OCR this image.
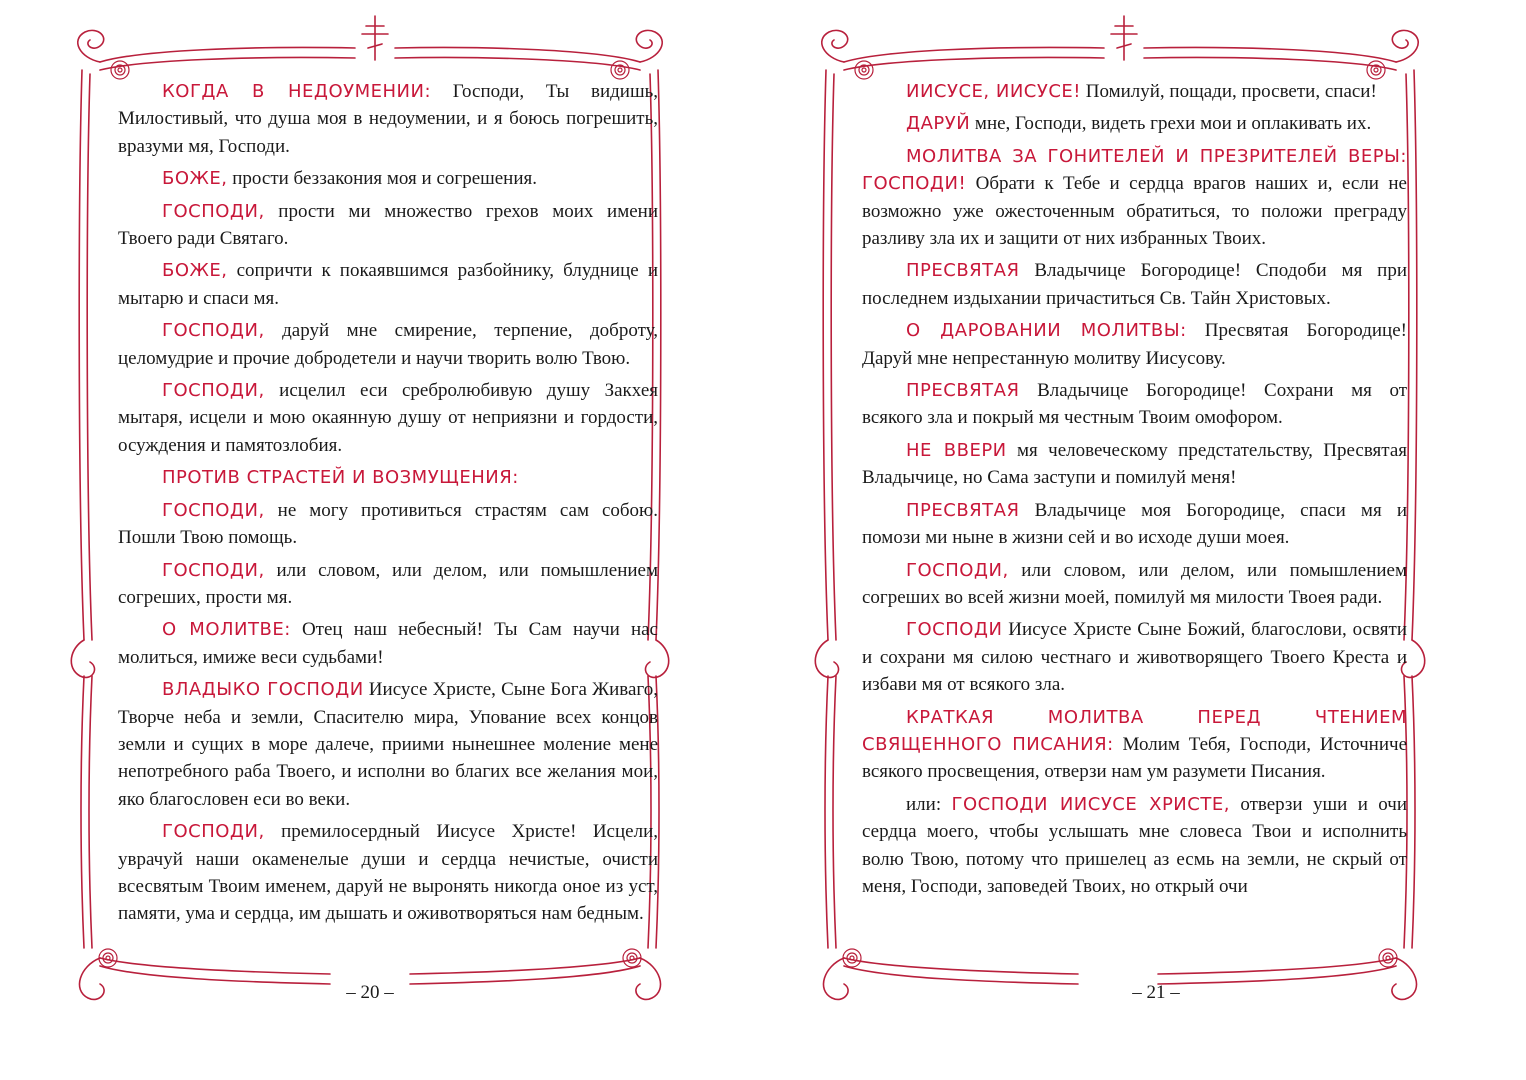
КОГДА В НЕДОУМЕНИИ: Господи, Ты видишь, Милостивый, что душа моя в недоумении, и я боюсь погрешить, вразуми мя, Господи.

БОЖЕ, прости беззакония моя и согрешения.

ГОСПОДИ, прости ми множество грехов моих имени Твоего ради Святаго.

БОЖЕ, сопричти к покаявшимся разбойнику, блуднице и мытарю и спаси мя.

ГОСПОДИ, даруй мне смирение, терпение, доброту, целомудрие и прочие добродетели и научи творить волю Твою.

ГОСПОДИ, исцелил еси сребролюбивую душу Закхея мытаря, исцели и мою окаянную душу от неприязни и гордости, осуждения и памятозлобия.

ПРОТИВ СТРАСТЕЙ И ВОЗМУЩЕНИЯ:

ГОСПОДИ, не могу противиться страстям сам собою. Пошли Твою помощь.

ГОСПОДИ, или словом, или делом, или помышлением согреших, прости мя.

О МОЛИТВЕ: Отец наш небесный! Ты Сам научи нас молиться, имиже веси судьбами!

ВЛАДЫКО ГОСПОДИ Иисусе Христе, Сыне Бога Живаго, Творче неба и земли, Спасителю мира, Упование всех концов земли и сущих в море далече, приими нынешнее моление мене непотребного раба Твоего, и исполни во благих все желания мои, яко благословен еси во веки.

ГОСПОДИ, премилосердный Иисусе Христе! Исцели, уврачуй наши окаменелые души и сердца нечистые, очисти всесвятым Твоим именем, даруй не выронять никогда оное из уст, памяти, ума и сердца, им дышать и оживотворяться нам бедным.

– 20 –

ИИСУСЕ, ИИСУСЕ! Помилуй, пощади, просвети, спаси!

ДАРУЙ мне, Господи, видеть грехи мои и оплакивать их.

МОЛИТВА ЗА ГОНИТЕЛЕЙ И ПРЕЗРИТЕЛЕЙ ВЕРЫ: ГОСПОДИ! Обрати к Тебе и сердца врагов наших и, если не возможно уже ожесточенным обратиться, то положи преграду разливу зла их и защити от них избранных Твоих.

ПРЕСВЯТАЯ Владычице Богородице! Сподоби мя при последнем издыхании причаститься Св. Тайн Христовых.

О ДАРОВАНИИ МОЛИТВЫ: Пресвятая Богородице! Даруй мне непрестанную молитву Иисусову.

ПРЕСВЯТАЯ Владычице Богородице! Сохрани мя от всякого зла и покрый мя честным Твоим омофором.

НЕ ВВЕРИ мя человеческому предстательству, Пресвятая Владычице, но Сама заступи и помилуй меня!

ПРЕСВЯТАЯ Владычице моя Богородице, спаси мя и помози ми ныне в жизни сей и во исходе души моея.

ГОСПОДИ, или словом, или делом, или помышлением согреших во всей жизни моей, помилуй мя милости Твоея ради.

ГОСПОДИ Иисусе Христе Сыне Божий, благослови, освяти и сохрани мя силою честнаго и животворящего Твоего Креста и избави мя от всякого зла.

КРАТКАЯ МОЛИТВА ПЕРЕД ЧТЕНИЕМ СВЯЩЕННОГО ПИСАНИЯ: Молим Тебя, Господи, Источниче всякого просвещения, отверзи нам ум разумети Писания.

или: ГОСПОДИ ИИСУСЕ ХРИСТЕ, отверзи уши и очи сердца моего, чтобы услышать мне словеса Твои и исполнить волю Твою, потому что пришелец аз есмь на земли, не скрый от меня, Господи, заповедей Твоих, но открый очи

– 21 –
